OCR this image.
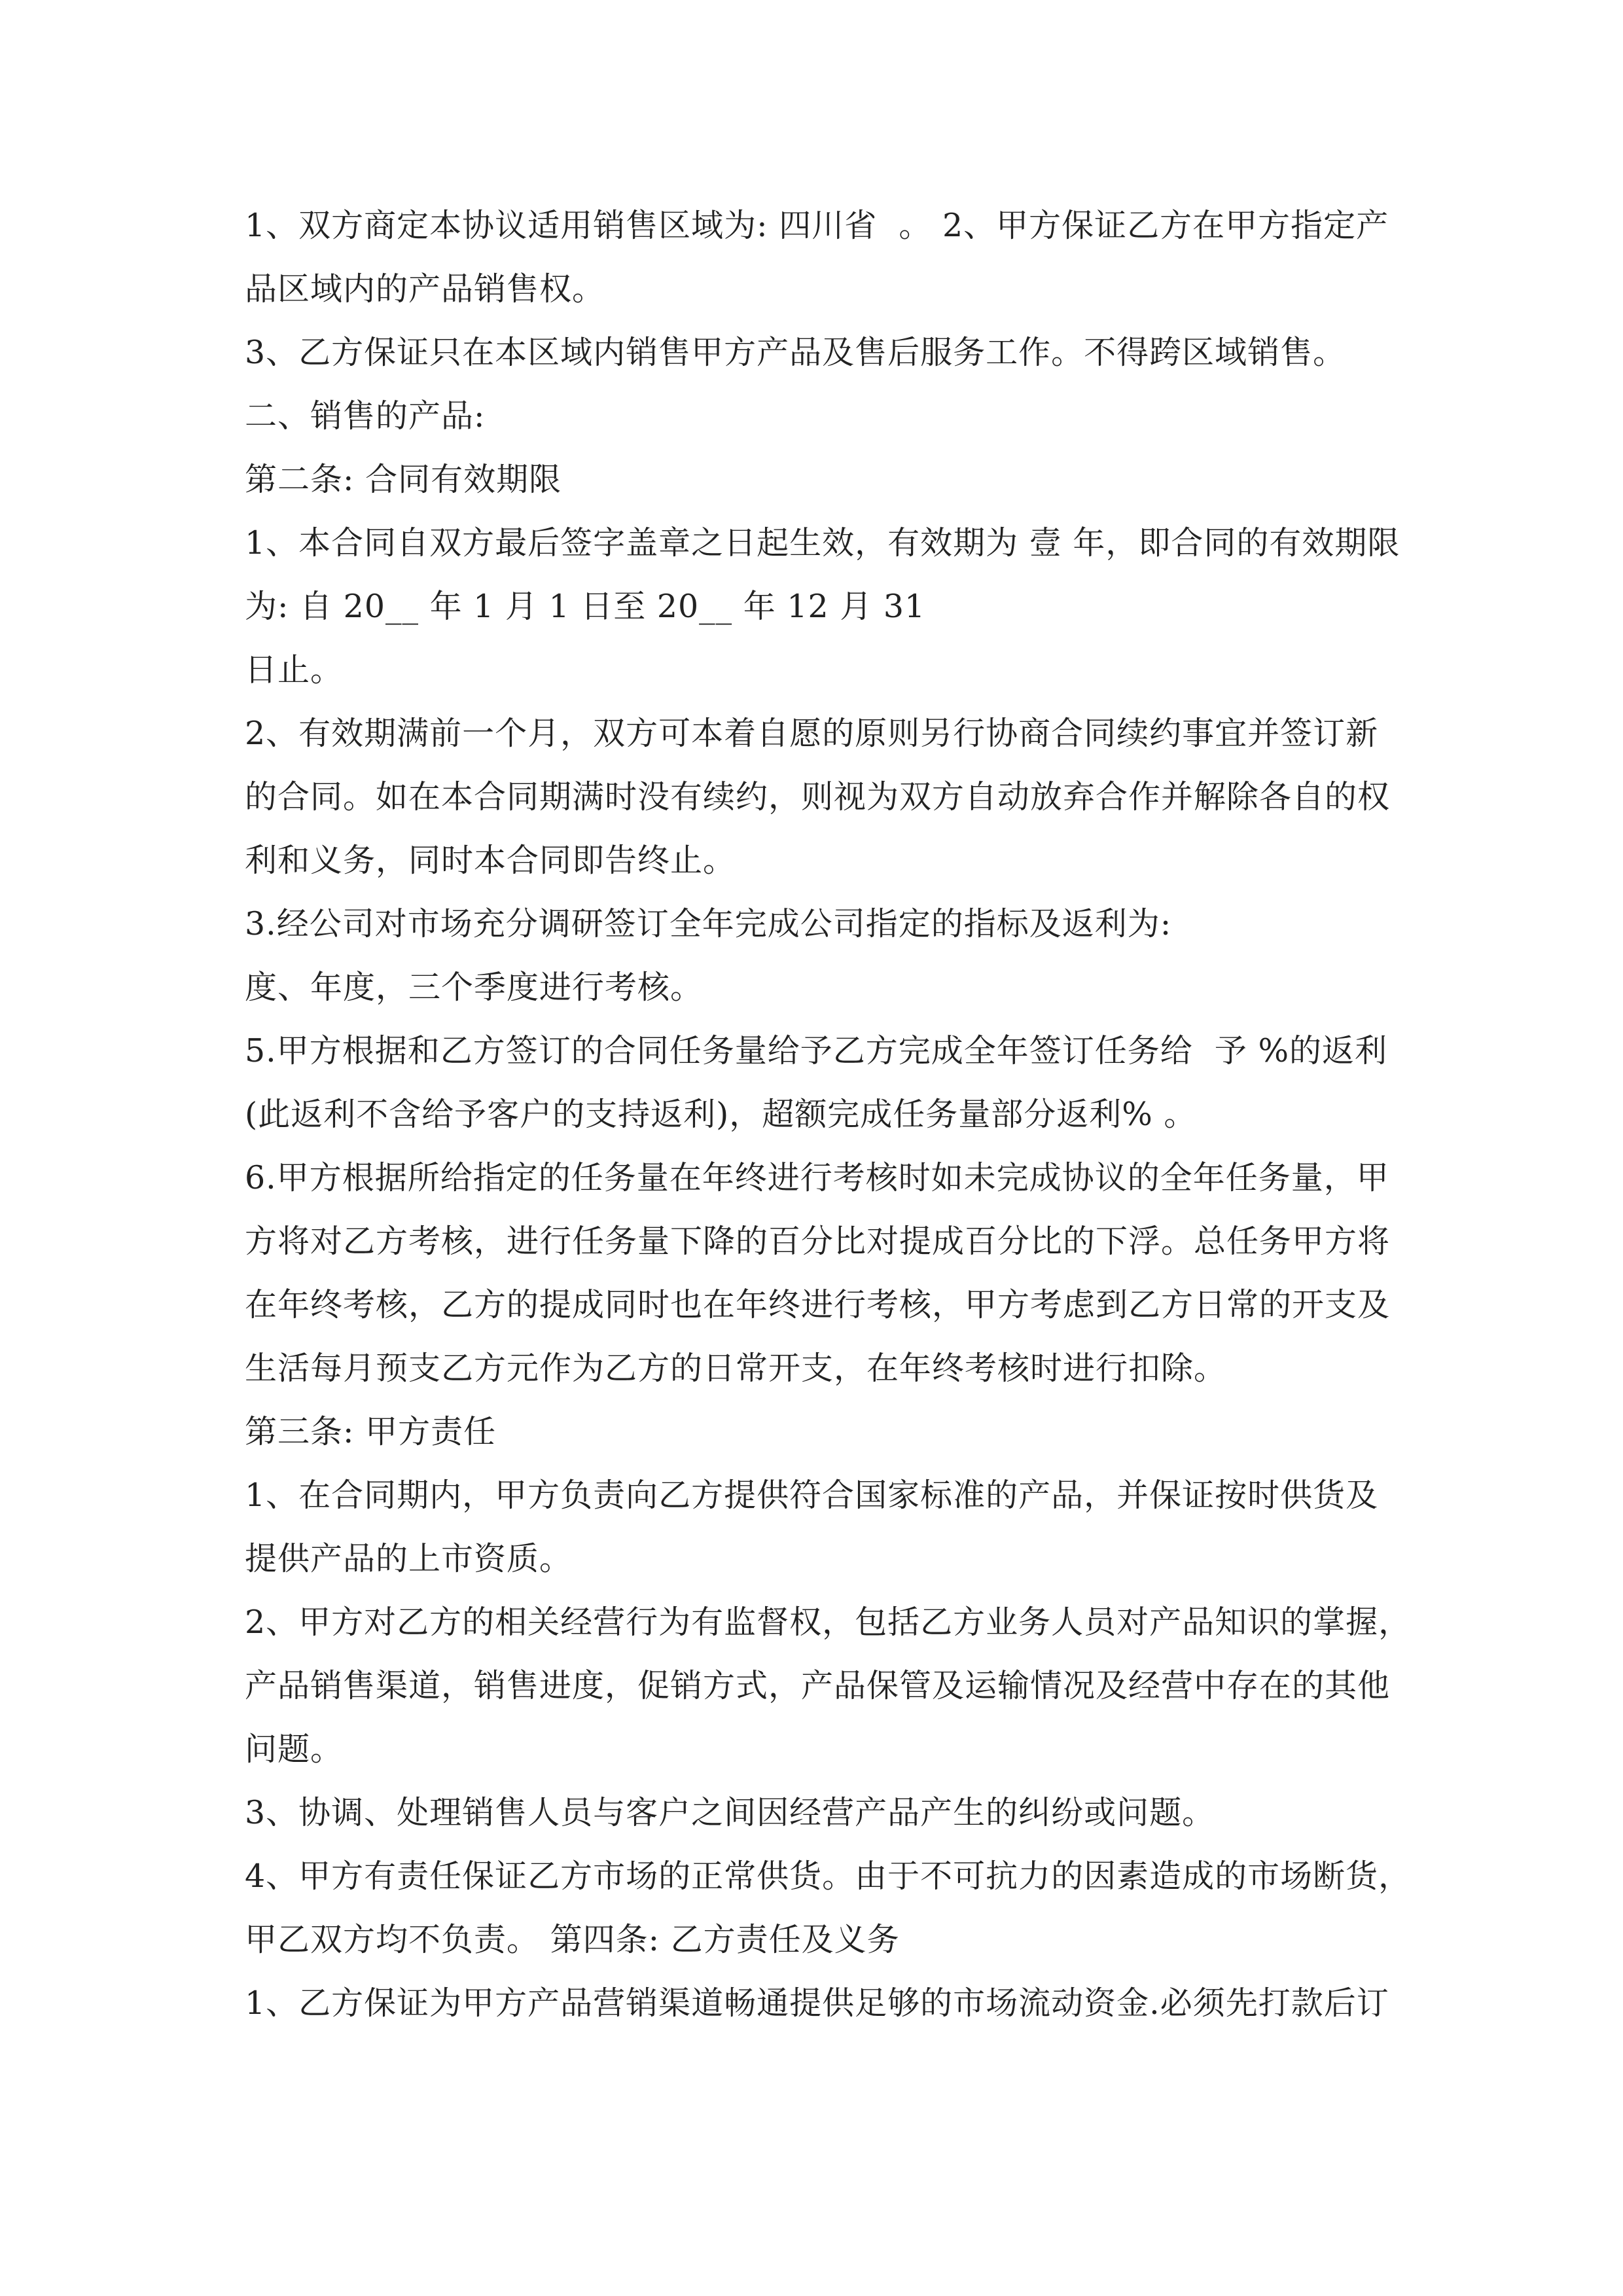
1、双方商定本协议适用销售区域为: 四川省  。 2、甲方保证乙方在甲方指定产
品区域内的产品销售权。
3、乙方保证只在本区域内销售甲方产品及售后服务工作。不得跨区域销售。
二、销售的产品:
第二条: 合同有效期限
1、本合同自双方最后签字盖章之日起生效，有效期为 壹 年，即合同的有效期限
为: 自 20__ 年 1 月 1 日至 20__ 年 12 月 31
日止。
2、有效期满前一个月，双方可本着自愿的原则另行协商合同续约事宜并签订新
的合同。如在本合同期满时没有续约，则视为双方自动放弃合作并解除各自的权
利和义务，同时本合同即告终止。
3.经公司对市场充分调研签订全年完成公司指定的指标及返利为:
度、年度，三个季度进行考核。
5.甲方根据和乙方签订的合同任务量给予乙方完成全年签订任务给  予 %的返利
(此返利不含给予客户的支持返利)，超额完成任务量部分返利% 。
6.甲方根据所给指定的任务量在年终进行考核时如未完成协议的全年任务量，甲
方将对乙方考核，进行任务量下降的百分比对提成百分比的下浮。总任务甲方将
在年终考核，乙方的提成同时也在年终进行考核，甲方考虑到乙方日常的开支及
生活每月预支乙方元作为乙方的日常开支，在年终考核时进行扣除。
第三条: 甲方责任
1、在合同期内，甲方负责向乙方提供符合国家标准的产品，并保证按时供货及
提供产品的上市资质。
2、甲方对乙方的相关经营行为有监督权，包括乙方业务人员对产品知识的掌握，
产品销售渠道，销售进度，促销方式，产品保管及运输情况及经营中存在的其他
问题。
3、协调、处理销售人员与客户之间因经营产品产生的纠纷或问题。
4、甲方有责任保证乙方市场的正常供货。由于不可抗力的因素造成的市场断货，
甲乙双方均不负责。 第四条: 乙方责任及义务
1、乙方保证为甲方产品营销渠道畅通提供足够的市场流动资金.必须先打款后订
